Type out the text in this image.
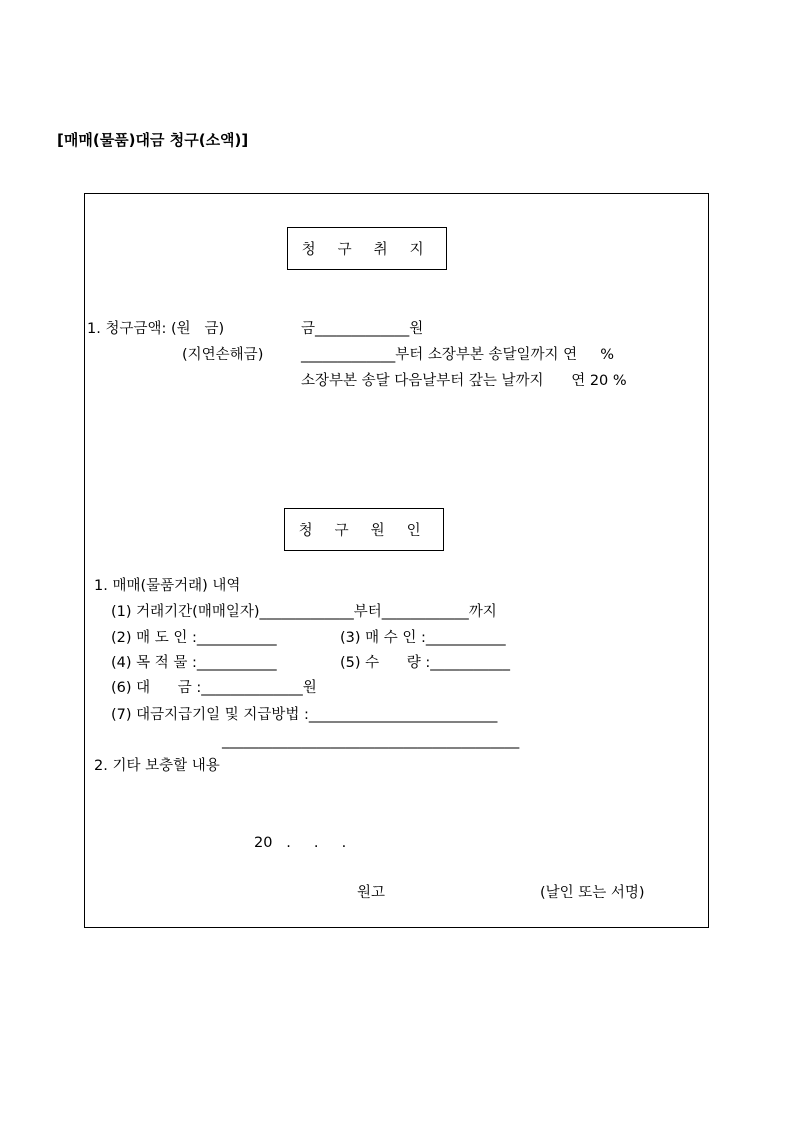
[매매(물품)대금 청구(소액)]
청 구 취 지
1. 청구금액: (원   금)	금_____________원
(지연손해금)	_____________부터 소장부본 송달일까지 연     %
소장부본 송달 다음날부터 갚는 날까지      연 20 %
청 구 원 인
1. 매매(물품거래) 내역
(1) 거래기간(매매일자)_____________부터____________까지
(2) 매 도 인 :___________	(3) 매 수 인 :___________
(4) 목 적 물 :___________	(5) 수      량 :___________
(6) 대      금 :______________원
(7) 대금지급기일 및 지급방법 :__________________________
_________________________________________
2. 기타 보충할 내용
20   .     .     .
원고	(날인 또는 서명)
